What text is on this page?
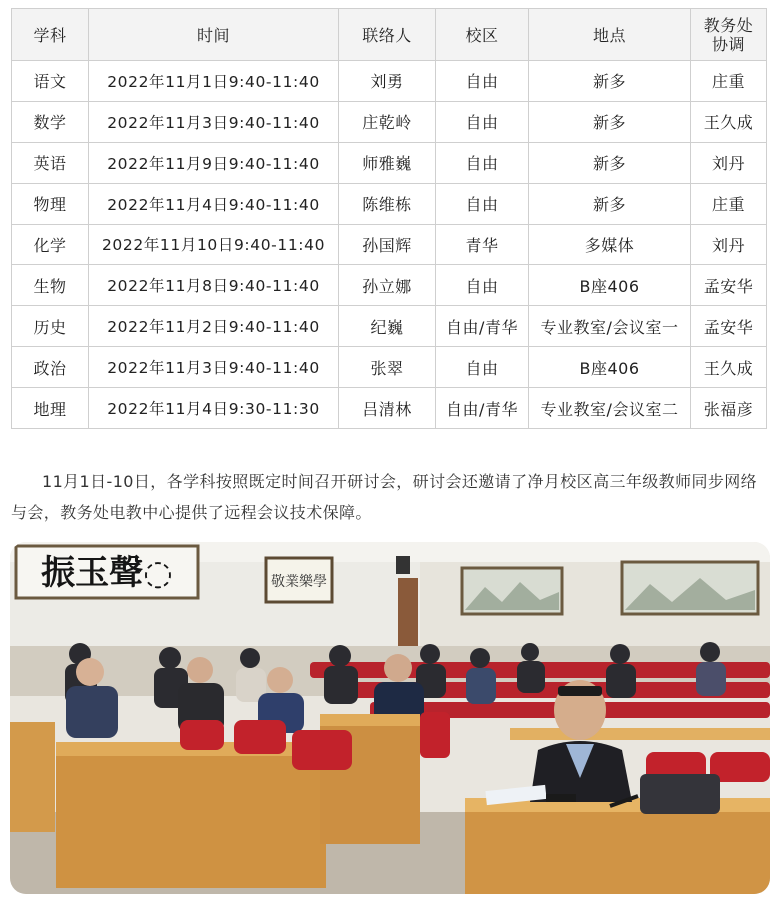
学科	时间	联络人	校区	地点	教务处
协调
语文	2022年11月1日9:40-11:40	刘勇	自由	新多	庄重
数学	2022年11月3日9:40-11:40	庄乾岭	自由	新多	王久成
英语	2022年11月9日9:40-11:40	师雅巍	自由	新多	刘丹
物理	2022年11月4日9:40-11:40	陈维栋	自由	新多	庄重
化学	2022年11月10日9:40-11:40	孙国辉	青华	多媒体	刘丹
生物	2022年11月8日9:40-11:40	孙立娜	自由	B座406	孟安华
历史	2022年11月2日9:40-11:40	纪巍	自由/青华	专业教室/会议室一	孟安华
政治	2022年11月3日9:40-11:40	张翠	自由	B座406	王久成
地理	2022年11月4日9:30-11:30	吕清林	自由/青华	专业教室/会议室二	张福彦

11月1日-10日，各学科按照既定时间召开研讨会，研讨会还邀请了净月校区高三年级教师同步网络与会，教务处电教中心提供了远程会议技术保障。

振玉聲◌	敬業樂學
